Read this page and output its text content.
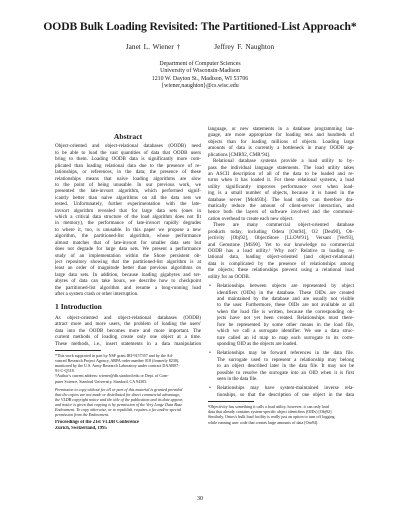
OODB Bulk Loading Revisited: The Partitioned-List Approach*
Janet L. Wiener †	Jeffrey F. Naughton
Department of Computer Sciences
University of Wisconsin-Madison
1210 W. Dayton St., Madison, WI 53706
{wiener,naughton}@cs.wisc.edu
Abstract

Object-oriented and object-relational databases (OODB) need

to be able to load the vast quantities of data that OODB users

bring to them. Loading OODB data is significantly more com-

plicated than loading relational data due to the presence of re-

lationships, or references, in the data; the presence of these

relationships means that naive loading algorithms are slow

to the point of being unusable. In our previous work, we

presented the late-invsort algorithm, which performed signif-

icantly better than naive algorithms on all the data sets we

tested. Unfortunately, further experimentation with the late-

invsort algorithm revealed that for large data sets (ones in

which a critical data structure of the load algorithm does not fit

in memory), the performance of late-invsort rapidly degrades

to where it, too, is unusable. In this paper we propose a new

algorithm, the partitioned-list algorithm, whose performance

almost matches that of late-invsort for smaller data sets but

does not degrade for large data sets. We present a performance

study of an implementation within the Shore persistent ob-

ject repository showing that the partitioned-list algorithm is at

least an order of magnitude better than previous algorithms on

large data sets. In addition, because loading gigabytes and ter-

abytes of data can take hours, we describe how to checkpoint

the partitioned-list algorithm and resume a long-running load

after a system crash or other interruption.

1 Introduction

As object-oriented and object-relational databases (OODB)

attract more and more users, the problem of loading the users'

data into the OODB becomes more and more important. The

current methods of loading create only one object at a time.

These methods, i.e., insert statements in a data manipulation

*This work supported in part by NSF grant IRI-9157357 and by the Ad-

vanced Research Project Agency, ARPA order number 018 (formerly 8230),

monitored by the U.S. Army Research Laboratory under contract DAAB07-

91-C-Q518.

†Author's current address: wiener@db.stanford.edu or Dept. of Com-

puter Science, Stanford University, Stanford, CA 94305.

Permission to copy without fee all or part of this material is granted provided

that the copies are not made or distributed for direct commercial advantage,

the VLDB copyright notice and the title of the publication and its date appear,

and notice is given that copying is by permission of the Very Large Data Base

Endowment. To copy otherwise, or to republish, requires a fee and/or special

permission from the Endowment.

Proceedings of the 21st VLDB Conference
Zurich, Switzerland, 1995

language, or new statements in a database programming lan-

guage, are more appropriate for loading tens and hundreds of

objects than for loading millions of objects. Loading large

amounts of data is currently a bottleneck in many OODB ap-

plications [CMR92, CMR‘94].

Relational database systems provide a load utility to by-

pass the individual language statements. The load utility takes

an ASCII description of all of the data to be loaded and re-

turns when it has loaded it. For these relational systems, a load

utility significantly improves performance over when load-

ing is a small number of objects, because it is based in the

database server [Moh93b]. The load utility can therefore dra-

matically reduce the amount of client-server interaction, and

hence both the layers of software involved and the communi-

cation overhead to create each new object.

There are many commercial object-oriented database

products today, including Odera [Ont94], O2 [Deu90], Ob-

jectivity [Obj92], ObjectStore [LLOW91], Versant [Ver93],

and Gemstone [MS90]. Yet to our knowledge no commercial

OODB has a load utility.¹ Why not? Relative to loading re-

lational data, loading object-oriented (and object-relational)

data is complicated by the presence of relationships among

the objects; these relationships prevent using a relational load

utility for an OODB.

• Relationships between objects are represented by object

identifiers (OIDs) in the database. These OIDs are created

and maintained by the database and are usually not visible

to the user. Furthermore, these OIDs are not available at all

when the load file is written, because the corresponding ob-

jects have not yet been created. Relationships must there-

fore be represented by some other means in the load file,

which we call a surrogate identifier. We use a data struc-

ture called an id map to map each surrogate to its corre-

sponding OID as the objects are loaded.

• Relationships may be forward references in the data file.

The surrogate used to represent a relationship may belong

to an object described later in the data file. It may not be

possible to resolve the surrogate into an OID when it is first

seen in the data file.

• Relationships may have system-maintained inverse rela-

tionships, so that the description of one object in the data

¹Objectivity has something it calls a load utility, however, it can only load

data that already contains system-specific object identifiers (OIDs) [Obj92].

Similarly, Ontos's bulk load facility is really just an option to turn off logging

while running user code that creates large amounts of data [Ont94].

30
